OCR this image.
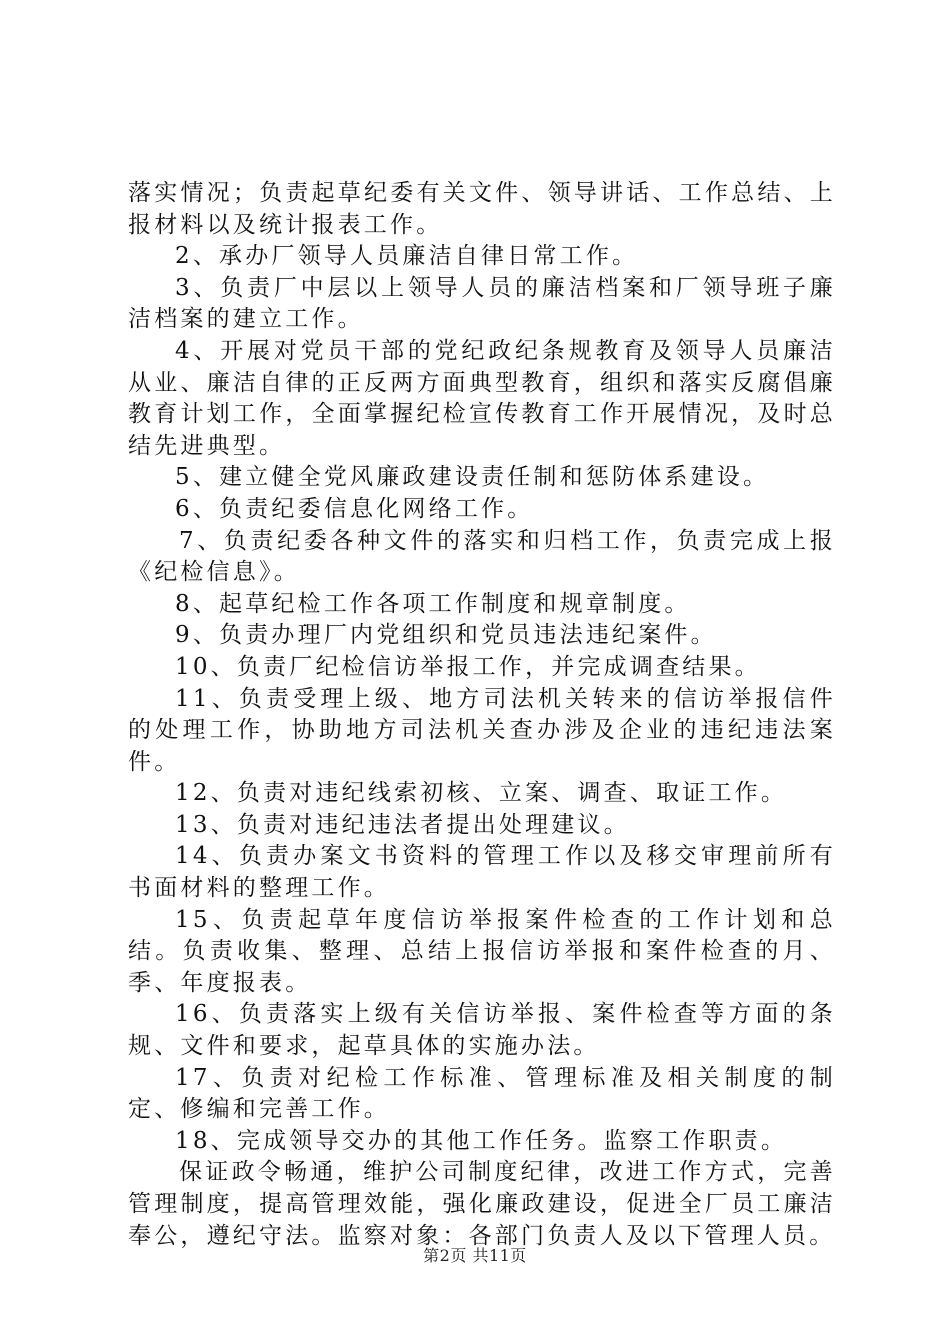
落实情况；负责起草纪委有关文件、领导讲话、工作总结、上报材料以及统计报表工作。

2、承办厂领导人员廉洁自律日常工作。

3、负责厂中层以上领导人员的廉洁档案和厂领导班子廉洁档案的建立工作。

4、开展对党员干部的党纪政纪条规教育及领导人员廉洁从业、廉洁自律的正反两方面典型教育，组织和落实反腐倡廉教育计划工作，全面掌握纪检宣传教育工作开展情况，及时总结先进典型。

5、建立健全党风廉政建设责任制和惩防体系建设。

6、负责纪委信息化网络工作。

7、负责纪委各种文件的落实和归档工作，负责完成上报《纪检信息》。

8、起草纪检工作各项工作制度和规章制度。

9、负责办理厂内党组织和党员违法违纪案件。

10、负责厂纪检信访举报工作，并完成调查结果。

11、负责受理上级、地方司法机关转来的信访举报信件的处理工作，协助地方司法机关查办涉及企业的违纪违法案件。

12、负责对违纪线索初核、立案、调查、取证工作。

13、负责对违纪违法者提出处理建议。

14、负责办案文书资料的管理工作以及移交审理前所有书面材料的整理工作。

15、负责起草年度信访举报案件检查的工作计划和总结。负责收集、整理、总结上报信访举报和案件检查的月、季、年度报表。

16、负责落实上级有关信访举报、案件检查等方面的条规、文件和要求，起草具体的实施办法。

17、负责对纪检工作标准、管理标准及相关制度的制定、修编和完善工作。

18、完成领导交办的其他工作任务。监察工作职责。

保证政令畅通，维护公司制度纪律，改进工作方式，完善管理制度，提高管理效能，强化廉政建设，促进全厂员工廉洁奉公，遵纪守法。监察对象：各部门负责人及以下管理人员。

第2页 共11页
